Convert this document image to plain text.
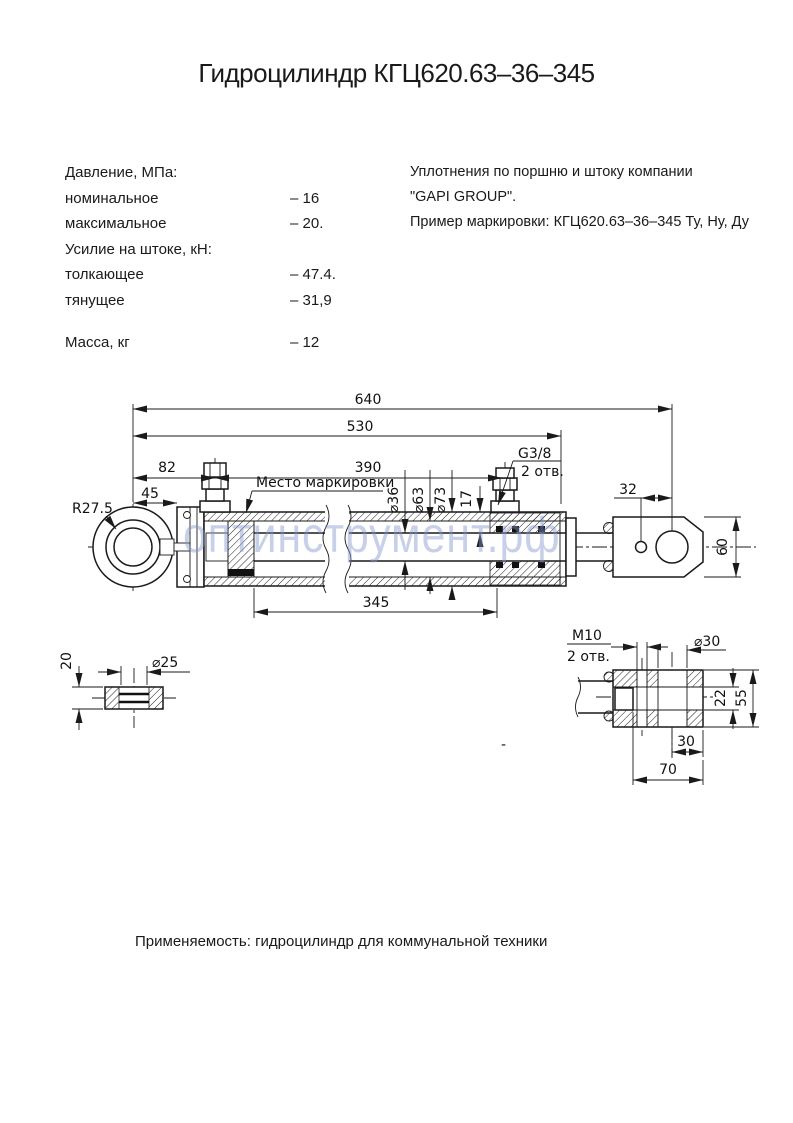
Гидроцилиндр КГЦ620.63–36–345
Давление, МПа:
номинальное	– 16
максимальное	– 20.
Усилие на штоке, кН:
толкающее	– 47.4.
тянущее	– 31,9
Масса, кг	– 12
Уплотнения по поршню и штоку компании
"GAPI GROUP".
Пример маркировки: КГЦ620.63–36–345 Ту, Ну, Ду
640
530
82	390
45
R27.5
Место маркировки
⌀36 ⌀63 ⌀73 17
G3/8
2 отв.
32
60
345
20	⌀25
M10
2 отв.
⌀30
22 55
30
70
-
оптинструмент.рф
Применяемость: гидроцилиндр для коммунальной техники
